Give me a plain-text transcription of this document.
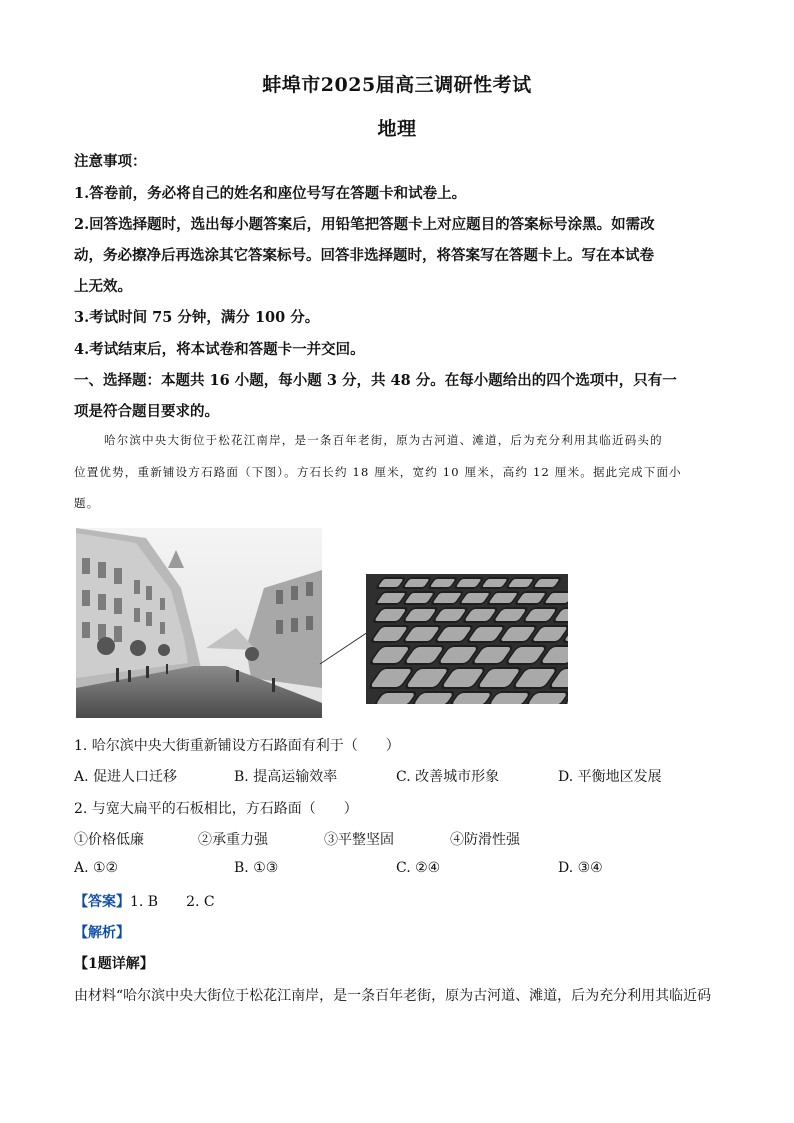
蚌埠市2025届高三调研性考试
地理
注意事项：
1.答卷前，务必将自己的姓名和座位号写在答题卡和试卷上。
2.回答选择题时，选出每小题答案后，用铅笔把答题卡上对应题目的答案标号涂黑。如需改
动，务必擦净后再选涂其它答案标号。回答非选择题时，将答案写在答题卡上。写在本试卷
上无效。
3.考试时间 75 分钟，满分 100 分。
4.考试结束后，将本试卷和答题卡一并交回。
一、选择题：本题共 16 小题，每小题 3 分，共 48 分。在每小题给出的四个选项中，只有一
项是符合题目要求的。
哈尔滨中央大街位于松花江南岸，是一条百年老街，原为古河道、滩道，后为充分利用其临近码头的
位置优势，重新铺设方石路面（下图）。方石长约 18 厘米，宽约 10 厘米，高约 12 厘米。据此完成下面小
题。
1. 哈尔滨中央大街重新铺设方石路面有利于（　　）
A. 促进人口迁移	B. 提高运输效率	C. 改善城市形象	D. 平衡地区发展
2. 与宽大扁平的石板相比，方石路面（　　）
①价格低廉	②承重力强	③平整坚固	④防滑性强
A. ①②	B. ①③	C. ②④	D. ③④
【答案】1. B　　2. C
【解析】
【1题详解】
由材料“哈尔滨中央大街位于松花江南岸，是一条百年老街，原为古河道、滩道，后为充分利用其临近码
